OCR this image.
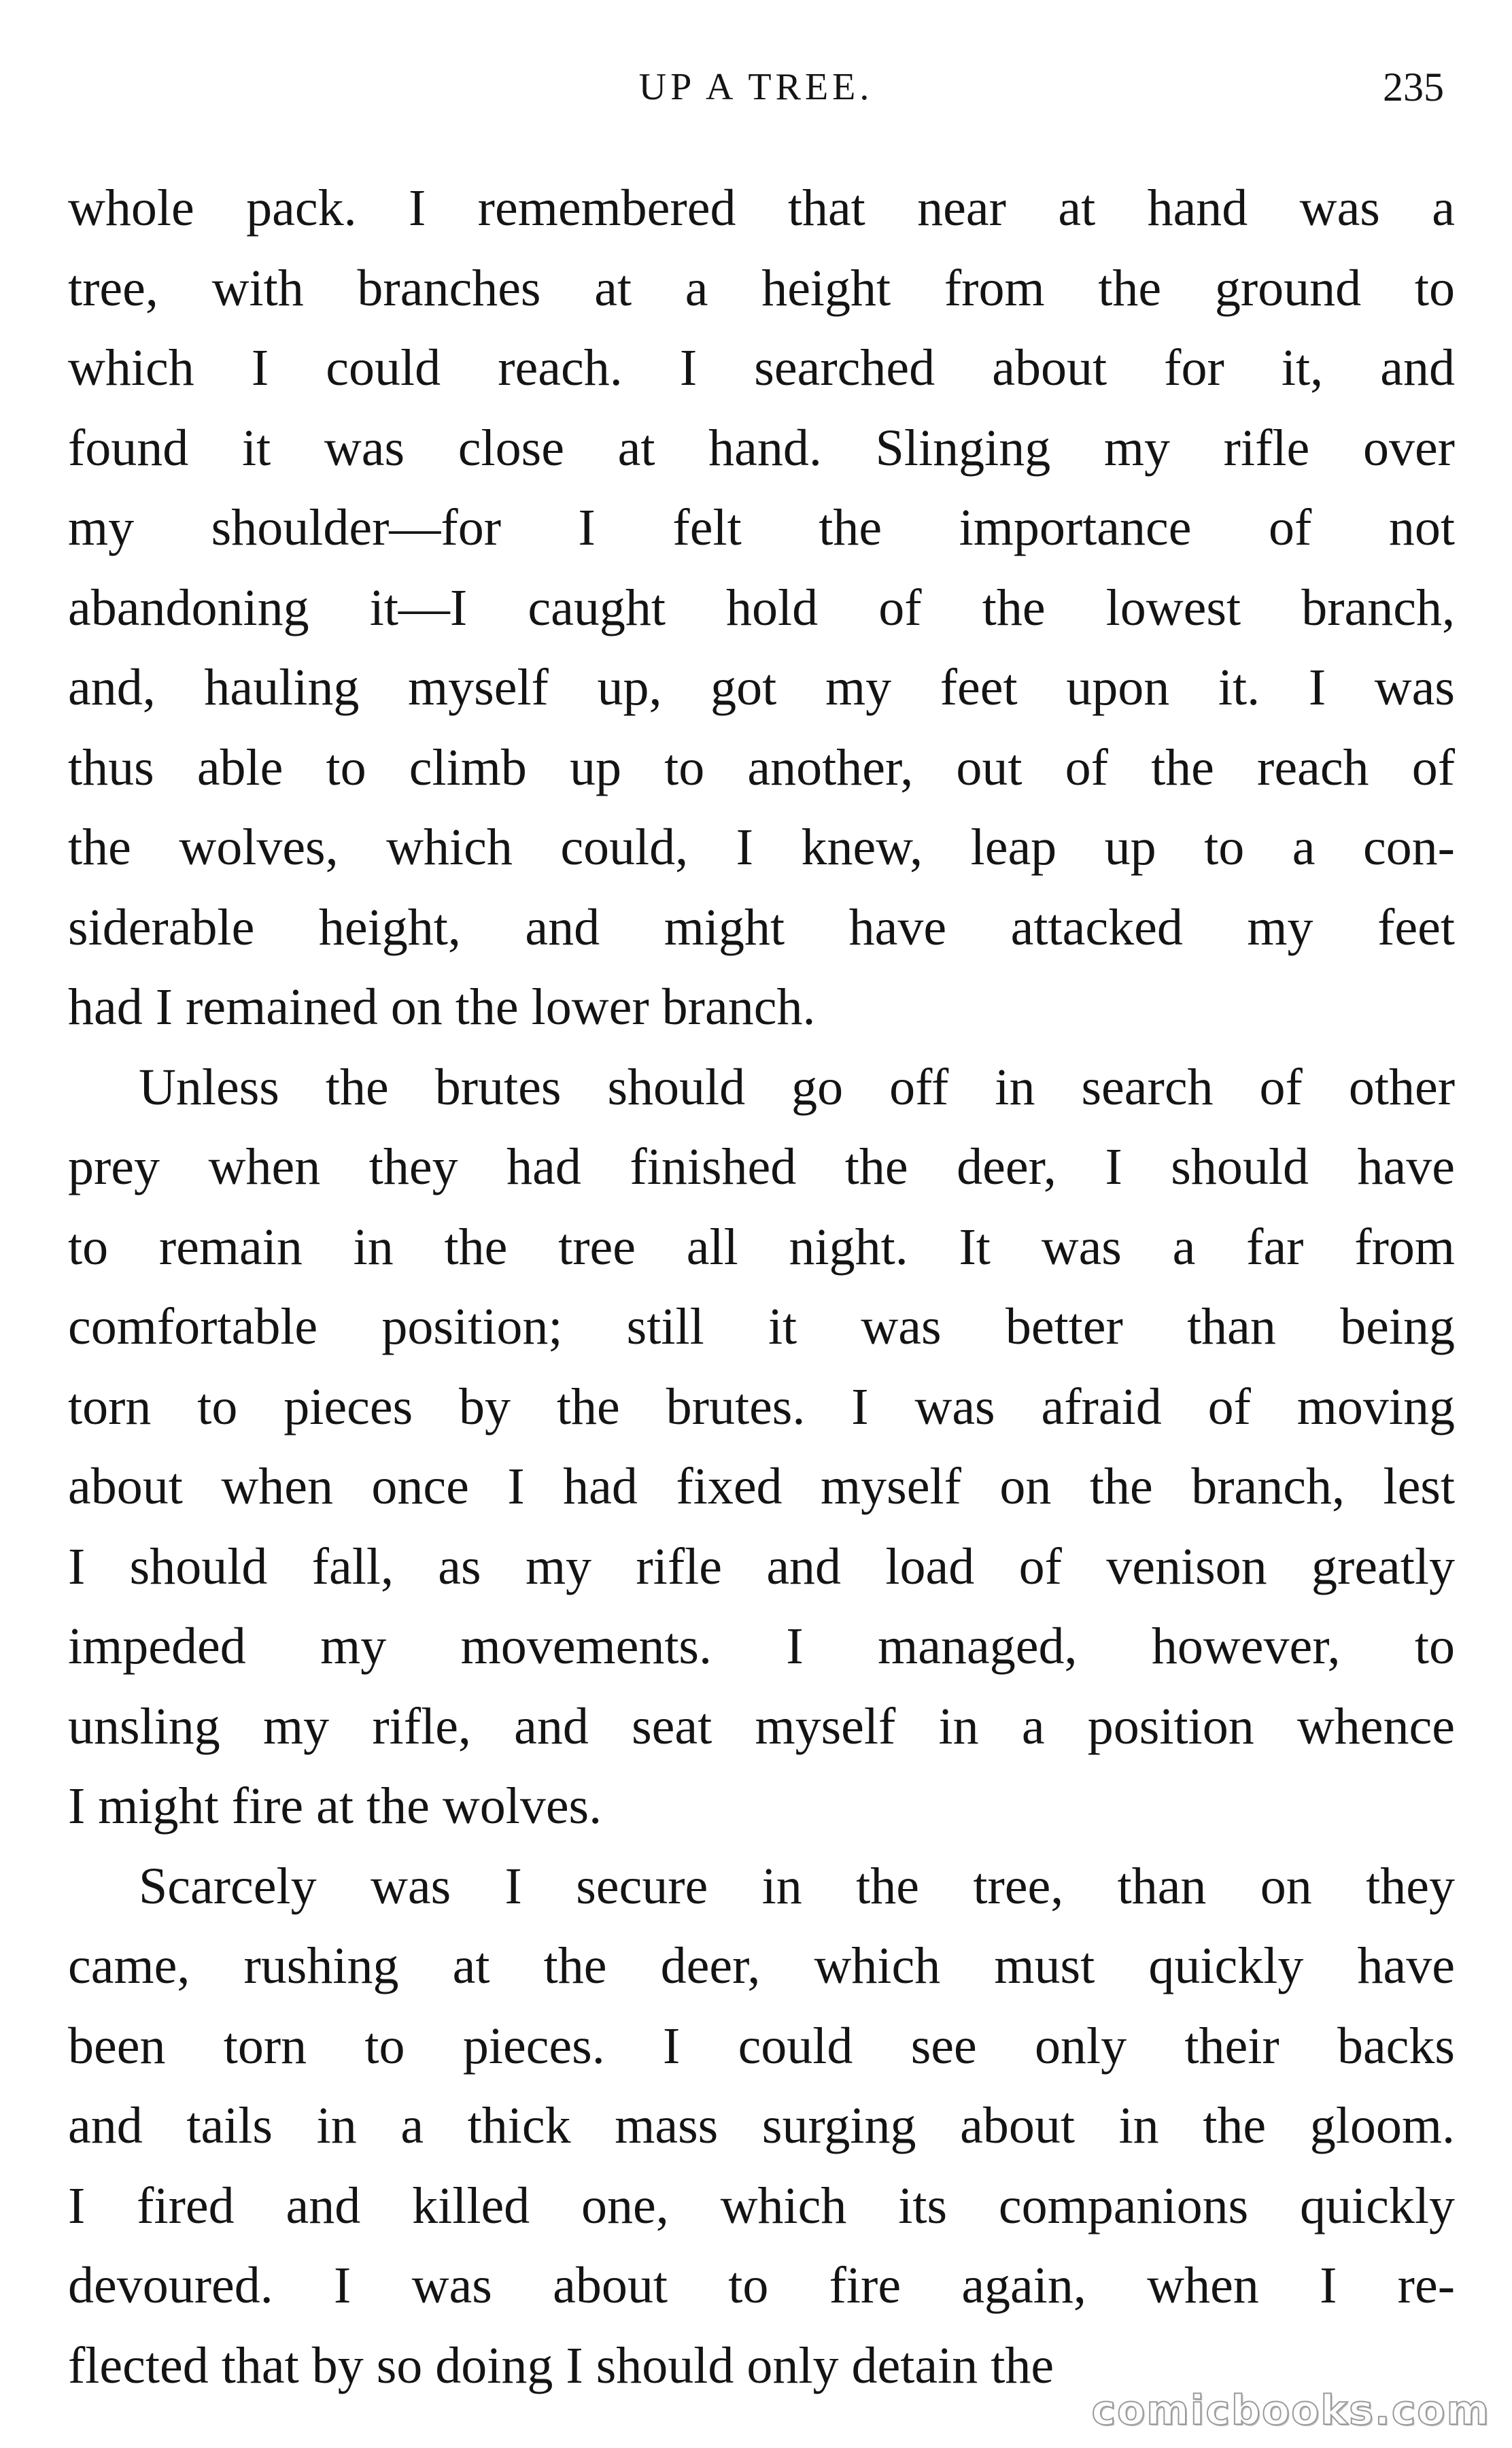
UP A TREE.	235
whole pack. I remembered that near at hand was a
tree, with branches at a height from the ground to
which I could reach. I searched about for it, and
found it was close at hand. Slinging my rifle over
my shoulder—for I felt the importance of not
abandoning it—I caught hold of the lowest branch,
and, hauling myself up, got my feet upon it. I was
thus able to climb up to another, out of the reach of
the wolves, which could, I knew, leap up to a con-
siderable height, and might have attacked my feet
had I remained on the lower branch.
Unless the brutes should go off in search of other
prey when they had finished the deer, I should have
to remain in the tree all night. It was a far from
comfortable position; still it was better than being
torn to pieces by the brutes. I was afraid of moving
about when once I had fixed myself on the branch, lest
I should fall, as my rifle and load of venison greatly
impeded my movements. I managed, however, to
unsling my rifle, and seat myself in a position whence
I might fire at the wolves.
Scarcely was I secure in the tree, than on they
came, rushing at the deer, which must quickly have
been torn to pieces. I could see only their backs
and tails in a thick mass surging about in the gloom.
I fired and killed one, which its companions quickly
devoured. I was about to fire again, when I re-
flected that by so doing I should only detain the
comicbooks.com
